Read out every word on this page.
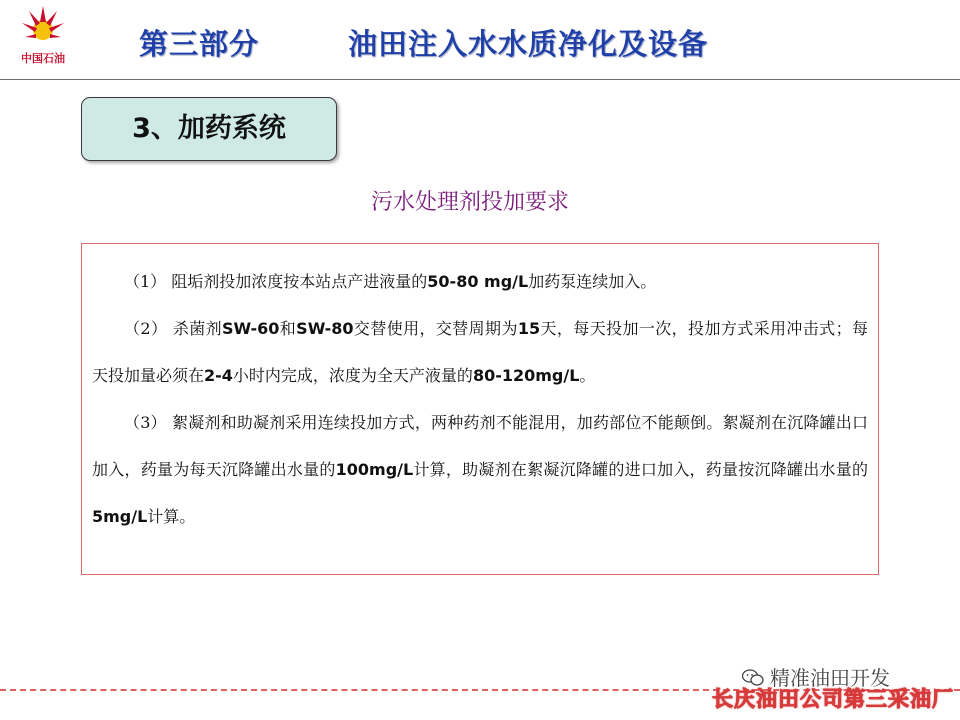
中国石油	第三部分	油田注入水水质净化及设备
3、加药系统
污水处理剂投加要求

（1） 阻垢剂投加浓度按本站点产进液量的50-80 mg/L加药泵连续加入。

（2） 杀菌剂SW-60和SW-80交替使用，交替周期为15天，每天投加一次，投加方式采用冲击式；每天投加量必须在2-4小时内完成，浓度为全天产液量的80-120mg/L。

（3） 絮凝剂和助凝剂采用连续投加方式，两种药剂不能混用，加药部位不能颠倒。絮凝剂在沉降罐出口加入，药量为每天沉降罐出水量的100mg/L计算，助凝剂在絮凝沉降罐的进口加入，药量按沉降罐出水量的5mg/L计算。

精准油田开发
长庆油田公司第三采油厂
